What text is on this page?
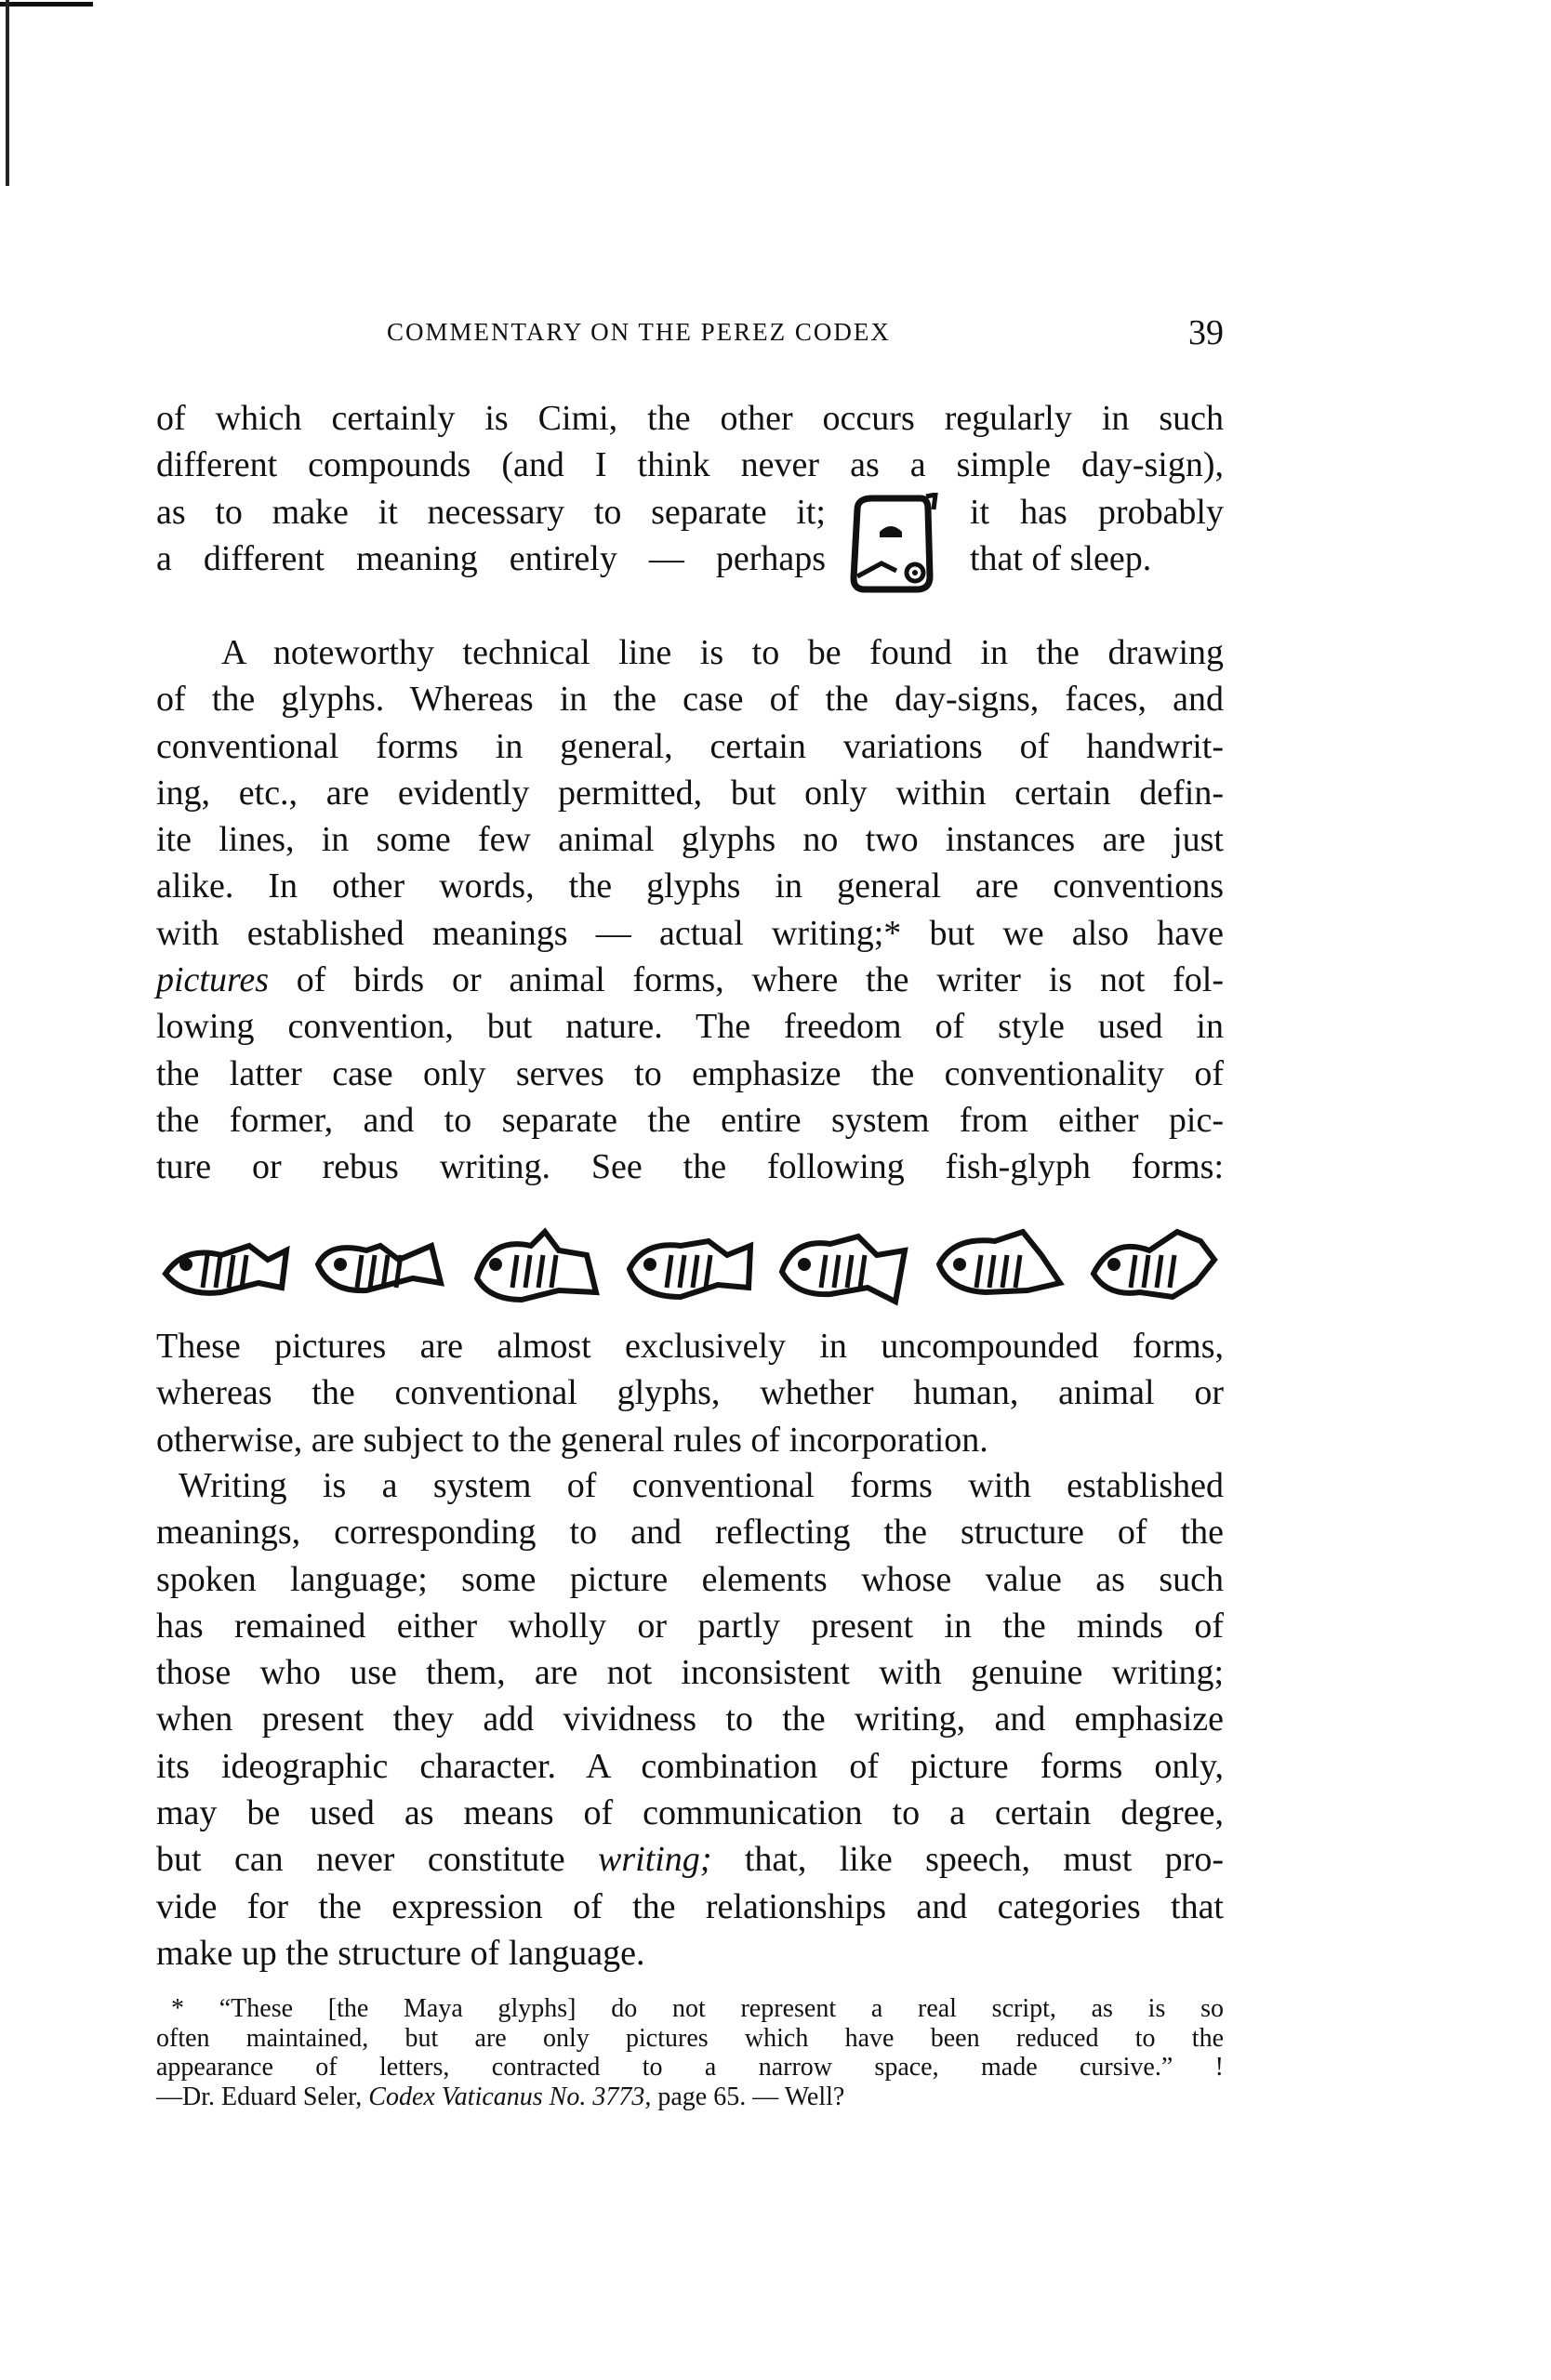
COMMENTARY ON THE PEREZ CODEX	39
of which certainly is Cimi, the other occurs regularly in such
different compounds (and I think never as a simple day-sign),
as to make it necessary to separate it;	it has probably
a different meaning entirely — perhaps	that of sleep.
A noteworthy technical line is to be found in the drawing
of the glyphs. Whereas in the case of the day-signs, faces, and
conventional forms in general, certain variations of handwrit-
ing, etc., are evidently permitted, but only within certain defin-
ite lines, in some few animal glyphs no two instances are just
alike. In other words, the glyphs in general are conventions
with established meanings — actual writing;* but we also have
pictures of birds or animal forms, where the writer is not fol-
lowing convention, but nature. The freedom of style used in
the latter case only serves to emphasize the conventionality of
the former, and to separate the entire system from either pic-
ture or rebus writing. See the following fish-glyph forms:
These pictures are almost exclusively in uncompounded forms,
whereas the conventional glyphs, whether human, animal or
otherwise, are subject to the general rules of incorporation.
Writing is a system of conventional forms with established
meanings, corresponding to and reflecting the structure of the
spoken language; some picture elements whose value as such
has remained either wholly or partly present in the minds of
those who use them, are not inconsistent with genuine writing;
when present they add vividness to the writing, and emphasize
its ideographic character. A combination of picture forms only,
may be used as means of communication to a certain degree,
but can never constitute writing; that, like speech, must pro-
vide for the expression of the relationships and categories that
make up the structure of language.
* “These [the Maya glyphs] do not represent a real script, as is so
often maintained, but are only pictures which have been reduced to the
appearance of letters, contracted to a narrow space, made cursive.” !
—Dr. Eduard Seler, Codex Vaticanus No. 3773, page 65. — Well?
